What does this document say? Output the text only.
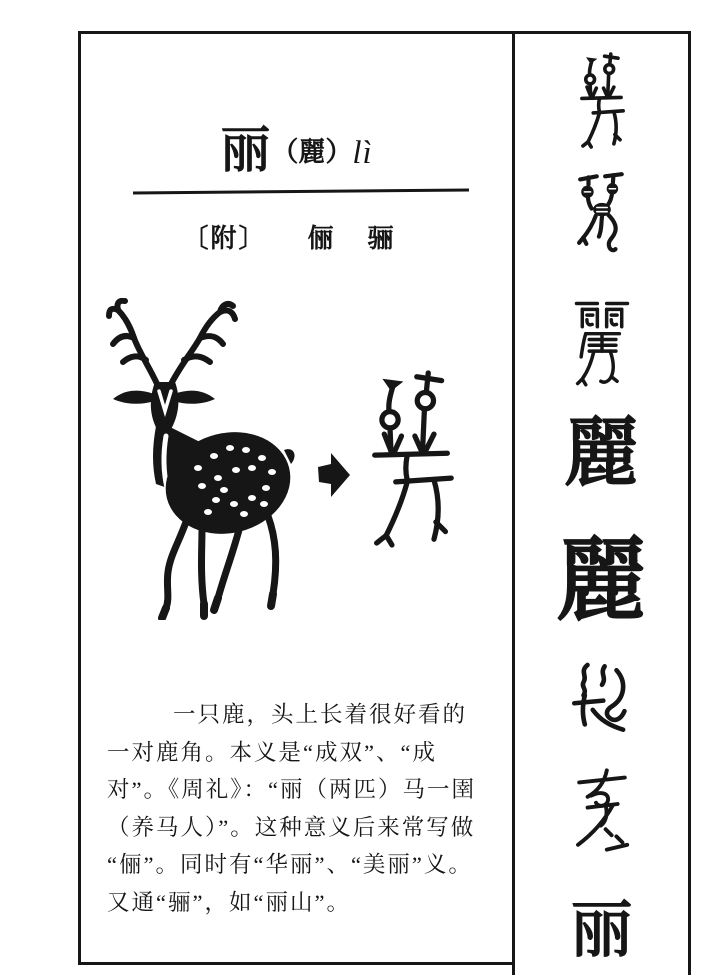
丽（麗）lì
〔附〕 俪 骊
一只鹿，头上长着很好看的
一对鹿角。本义是“成双”、“成
对”。《周礼》：“丽（两匹）马一圉
（养马人）”。这种意义后来常写做
“俪”。同时有“华丽”、“美丽”义。
又通“骊”，如“丽山”。
麗
麗
丽
